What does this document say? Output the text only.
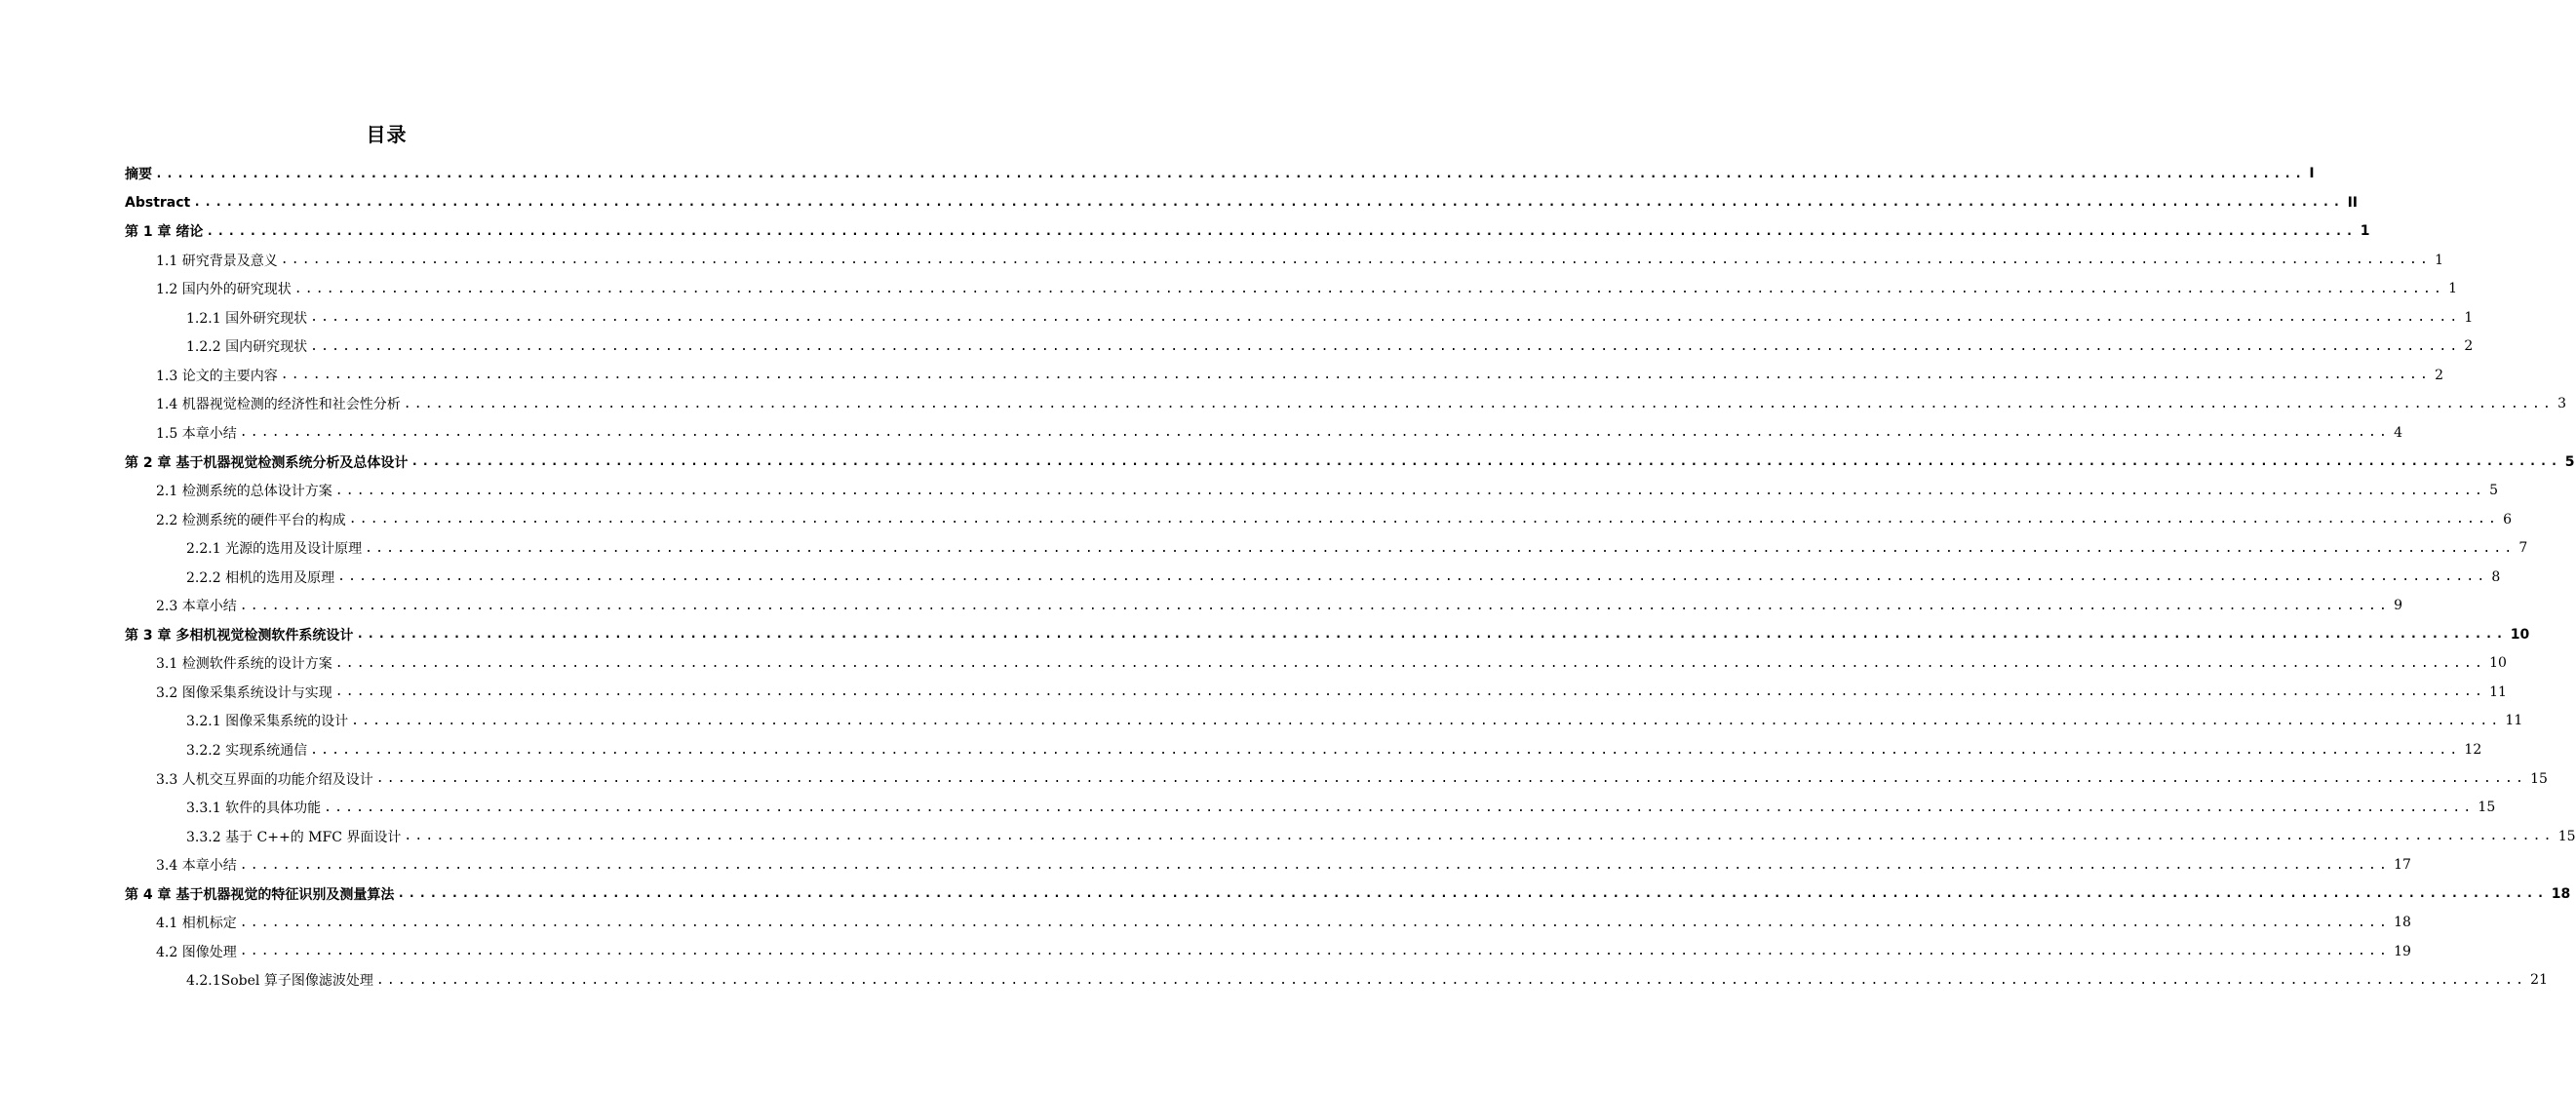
目录
摘要 ........................................................................................................................................................................................................ I
Abstract ........................................................................................................................................................................................................ II
第 1 章 绪论 ........................................................................................................................................................................................................ 1
1.1 研究背景及意义 ........................................................................................................................................................................................................ 1
1.2 国内外的研究现状 ........................................................................................................................................................................................................ 1
1.2.1 国外研究现状 ........................................................................................................................................................................................................ 1
1.2.2 国内研究现状 ........................................................................................................................................................................................................ 2
1.3 论文的主要内容 ........................................................................................................................................................................................................ 2
1.4 机器视觉检测的经济性和社会性分析 ........................................................................................................................................................................................................ 3
1.5 本章小结 ........................................................................................................................................................................................................ 4
第 2 章 基于机器视觉检测系统分析及总体设计 ........................................................................................................................................................................................................ 5
2.1 检测系统的总体设计方案 ........................................................................................................................................................................................................ 5
2.2 检测系统的硬件平台的构成 ........................................................................................................................................................................................................ 6
2.2.1 光源的选用及设计原理 ........................................................................................................................................................................................................ 7
2.2.2 相机的选用及原理 ........................................................................................................................................................................................................ 8
2.3 本章小结 ........................................................................................................................................................................................................ 9
第 3 章 多相机视觉检测软件系统设计 ........................................................................................................................................................................................................ 10
3.1 检测软件系统的设计方案 ........................................................................................................................................................................................................ 10
3.2 图像采集系统设计与实现 ........................................................................................................................................................................................................ 11
3.2.1 图像采集系统的设计 ........................................................................................................................................................................................................ 11
3.2.2 实现系统通信 ........................................................................................................................................................................................................ 12
3.3 人机交互界面的功能介绍及设计 ........................................................................................................................................................................................................ 15
3.3.1 软件的具体功能 ........................................................................................................................................................................................................ 15
3.3.2 基于 C++的 MFC 界面设计 ........................................................................................................................................................................................................ 15
3.4 本章小结 ........................................................................................................................................................................................................ 17
第 4 章 基于机器视觉的特征识别及测量算法 ........................................................................................................................................................................................................ 18
4.1 相机标定 ........................................................................................................................................................................................................ 18
4.2 图像处理 ........................................................................................................................................................................................................ 19
4.2.1Sobel 算子图像滤波处理 ........................................................................................................................................................................................................ 21
